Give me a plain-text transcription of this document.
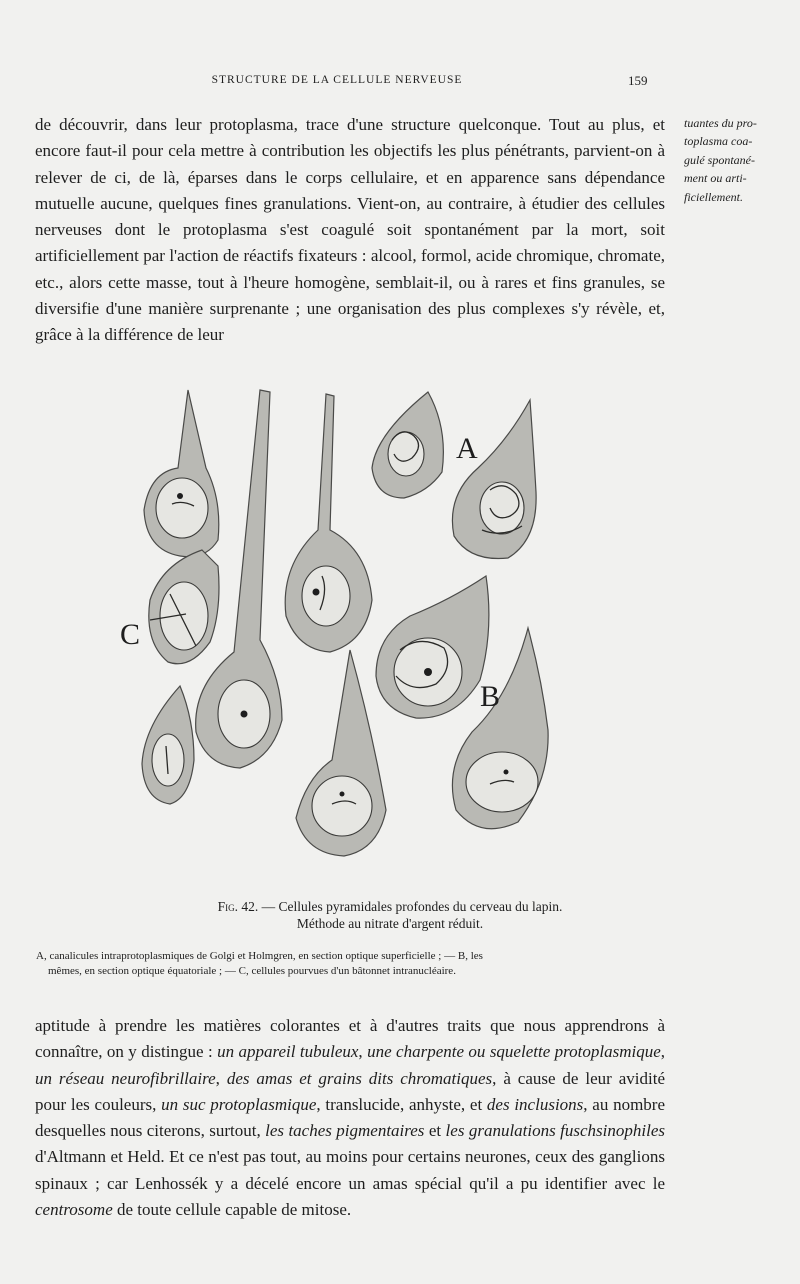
STRUCTURE DE LA CELLULE NERVEUSE	159

de découvrir, dans leur protoplasma, trace d'une structure quelconque. Tout au plus, et encore faut-il pour cela mettre à contribution les objectifs les plus pénétrants, parvient-on à relever de ci, de là, éparses dans le corps cellulaire, et en apparence sans dépendance mutuelle aucune, quelques fines granulations. Vient-on, au contraire, à étudier des cellules nerveuses dont le protoplasma s'est coagulé soit spontanément par la mort, soit artificiellement par l'action de réactifs fixateurs : alcool, formol, acide chromique, chromate, etc., alors cette masse, tout à l'heure homogène, semblait-il, ou à rares et fins granules, se diversifie d'une manière surprenante ; une organisation des plus complexes s'y révèle, et, grâce à la différence de leur

tuantes du pro-
toplasma coa-
gulé spontané-
ment ou arti-
ficiellement.
A
B
C
Fig. 42. — Cellules pyramidales profondes du cerveau du lapin.
Méthode au nitrate d'argent réduit.
A, canalicules intraprotoplasmiques de Golgi et Holmgren, en section optique superficielle ; — B, les
mêmes, en section optique équatoriale ; — C, cellules pourvues d'un bâtonnet intranucléaire.

aptitude à prendre les matières colorantes et à d'autres traits que nous apprendrons à connaître, on y distingue : un appareil tubuleux, une charpente ou squelette protoplasmique, un réseau neurofibrillaire, des amas et grains dits chromatiques, à cause de leur avidité pour les couleurs, un suc protoplasmique, translucide, anhyste, et des inclusions, au nombre desquelles nous citerons, surtout, les taches pigmentaires et les granulations fuschsinophiles d'Altmann et Held. Et ce n'est pas tout, au moins pour certains neurones, ceux des ganglions spinaux ; car Lenhossék y a décelé encore un amas spécial qu'il a pu identifier avec le centrosome de toute cellule capable de mitose.
